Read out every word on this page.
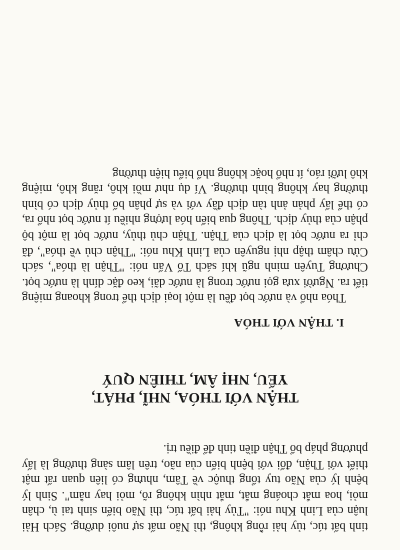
tinh bất túc, tủy hải rỗng không, thì Não mất sự nuôi dưỡng. Sách Hải luận của Linh Khu nói: "Tủy hải bất túc, thì Não biến sinh tai ù, chân mỏi, hoa mắt choáng mắt, mắt nhìn không rõ, mỏi hay nằm". Sinh lý bệnh lý của Não tuy tổng thuộc về Tâm, nhưng có liên quan rất mật thiết với Thận, đối với bệnh biến của não, trên lâm sàng thường là lấy phương pháp bổ Thận điền tinh để điều trị.

THẬN VỚI THÓA, NHĨ, PHÁT,
YẾU, NHỊ ÂM, THIÊN QUÝ
I. THẬN VỚI THÓA

Thóa nhổ và nước bọt đều là một loại dịch thể trong khoang miệng tiết ra. Người xưa gọi nước trong là nước dãi, keo đặc dính là nước bọt. Chương Tuyên minh ngũ khí sách Tố Vấn nói: "Thận là thóa", sách Cửu châm thập nhị nguyên của Linh Khu nói: "Thận chủ về thóa", đã chỉ ra nước bọt là dịch của Thận. Thận chủ thủy, nước bọt là một bộ phận của thủy dịch. Thông qua biến hóa lượng nhiều ít nước bọt nhổ ra, có thể lấy phản ảnh tàn dịch đầy với và sự phân bố thủy dịch có bình thường hay không bình thường. Ví dụ như mồi khô, răng khô, miệng khô lưỡi ráo, ít nhổ hoặc không nhổ biểu hiện thường
